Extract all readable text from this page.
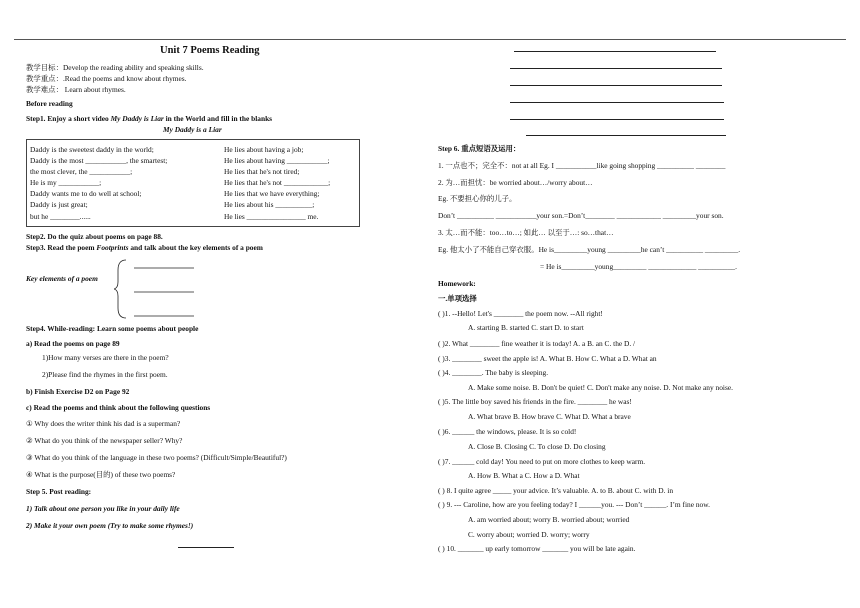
Unit 7 Poems Reading
教学目标：Develop the reading ability and speaking skills.
教学重点：.Read the poems and know about rhymes.
教学难点： Learn about rhymes.
Before reading
Step1. Enjoy a short video My Daddy is Liar in the World and fill in the blanks
My Daddy is a Liar
Daddy is the sweetest daddy in the world;
Daddy is the most ___________, the smartest;
the most clever, the ___________;
He is my ___________;
Daddy wants me to do well at school;
Daddy is just great;
but he ________......
He lies about having a job;
He lies about having ___________;
He lies that he's not tired;
He lies that he's not ____________;
He lies that we have everything;
He lies about his __________;
He lies ________________ me.
Step2. Do the quiz about poems on page 88.
Step3. Read the poem Footprints and talk about the key elements of a poem
Key elements of a poem
Step4. While-reading: Learn some poems about people
a) Read the poems on page 89
1)How many verses are there in the poem?
2)Please find the rhymes in the first poem.
b) Finish Exercise D2 on Page 92
c) Read the poems and think about the following questions
① Why does the writer think his dad is a superman?
② What do you think of the newspaper seller? Why?
③ What do you think of the language in these two poems? (Difficult/Simple/Beautiful?)
④ What is the purpose(目的) of these two poems?
Step 5. Post reading:
1) Talk about one person you like in your daily life
2) Make it your own poem (Try to make some rhymes!)
Step 6. 重点短语及运用：
1. 一点也不；完全不：not at all Eg. I ___________like going shopping __________ ________
2. 为…而担忧：be worried about…/worry about…
Eg. 不要担心你的儿子。
Don’t __________ ___________your son.=Don’t________ ____________ _________your son.
3. 太…而不能：too…to…; 如此… 以至于…: so…that…
Eg. 他太小了不能自己穿衣服。He is_________young _________he can’t __________ _________.
= He is_________young_________ _____________ __________.
Homework:
一.单项选择
( )1. --Hello! Let's ________ the poem now. --All right!
A. starting B. started C. start D. to start
( )2. What ________ fine weather it is today! A. a B. an C. the D. /
( )3. ________ sweet the apple is! A. What B. How C. What a D. What an
( )4. ________. The baby is sleeping.
A. Make some noise. B. Don't be quiet! C. Don't make any noise. D. Not make any noise.
( )5. The little boy saved his friends in the fire. ________ he was!
A. What brave B. How brave C. What D. What a brave
( )6. ______ the windows, please. It is so cold!
A. Close B. Closing C. To close D. Do closing
( )7. ______ cold day! You need to put on more clothes to keep warm.
A. How B. What a C. How a D. What
( ) 8. I quite agree _____ your advice. It’s valuable. A. to B. about C. with D. in
( ) 9. --- Caroline, how are you feeling today? I ______you. --- Don’t ______. I’m fine now.
A. am worried about; worry B. worried about; worried
C. worry about; worried D. worry; worry
( ) 10. _______ up early tomorrow _______ you will be late again.
